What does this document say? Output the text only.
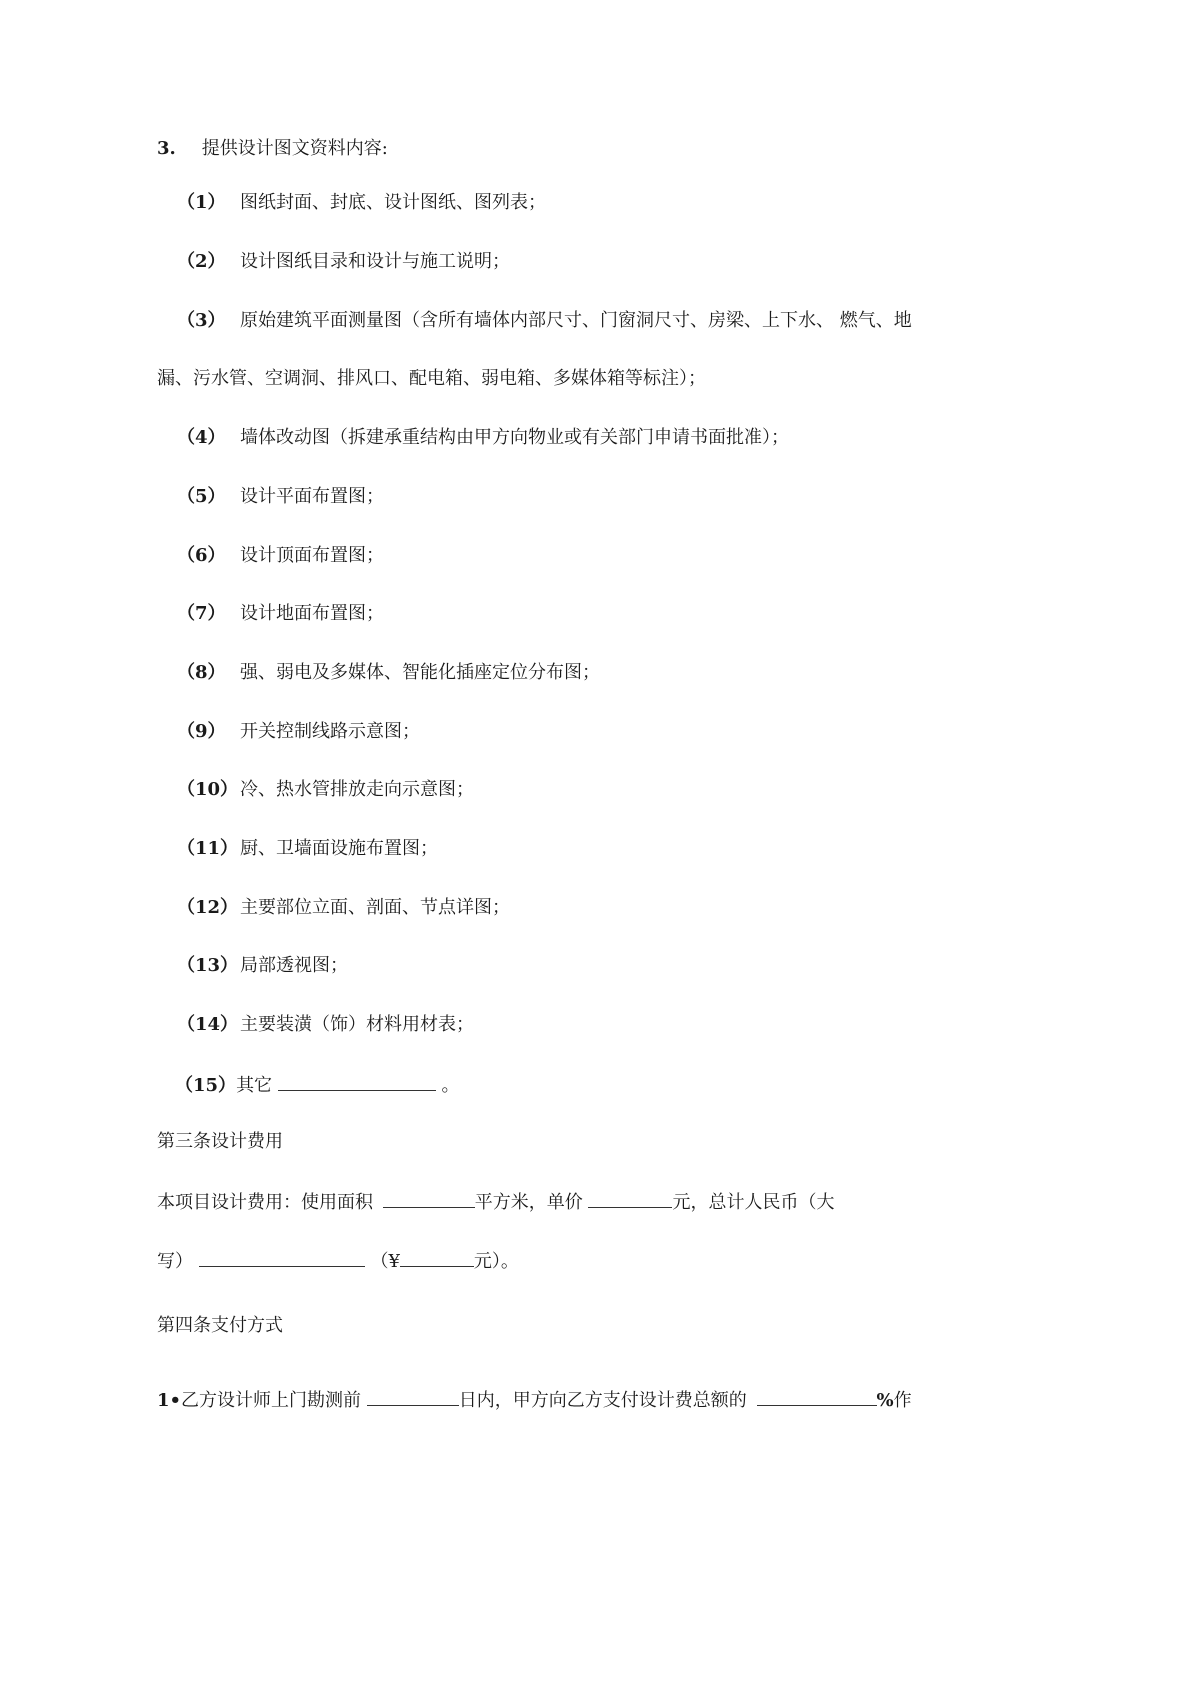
3. 提供设计图文资料内容:
（1） 图纸封面、封底、设计图纸、图列表；
（2） 设计图纸目录和设计与施工说明；
（3） 原始建筑平面测量图（含所有墙体内部尺寸、门窗洞尺寸、房梁、上下水、 燃气、地
漏、污水管、空调洞、排风口、配电箱、弱电箱、多媒体箱等标注）；
（4） 墙体改动图（拆建承重结构由甲方向物业或有关部门申请书面批准）；
（5） 设计平面布置图；
（6） 设计顶面布置图；
（7） 设计地面布置图；
（8） 强、弱电及多媒体、智能化插座定位分布图；
（9） 开关控制线路示意图；
（10） 冷、热水管排放走向示意图；
（11） 厨、卫墙面设施布置图；
（12） 主要部位立面、剖面、节点详图；
（13） 局部透视图；
（14） 主要装潢（饰）材料用材表；
（15）其它	。
第三条设计费用
本项目设计费用：使用面积	平方米，单价	元，总计人民币（大
写）	（¥	元）。
第四条支付方式
1•乙方设计师上门勘测前	日内，甲方向乙方支付设计费总额的	%作
